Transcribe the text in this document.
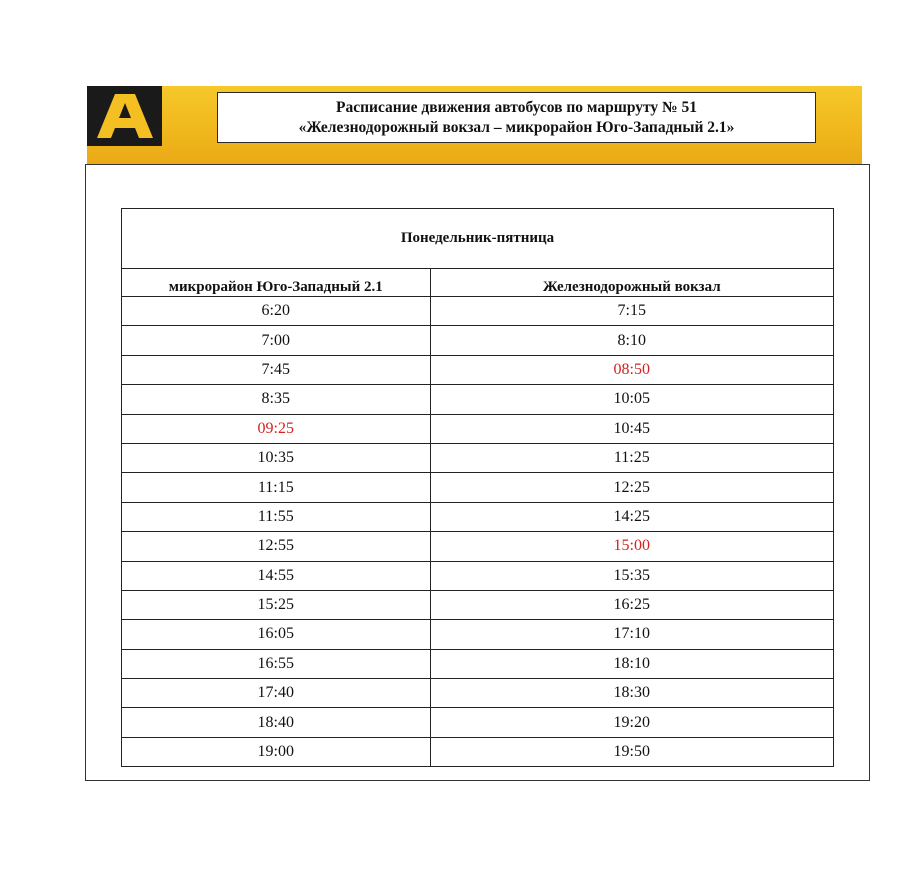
Расписание движения автобусов по маршруту № 51
«Железнодорожный вокзал – микрорайон Юго-Западный 2.1»
Понедельник-пятница	
микрорайон Юго-Западный 2.1	Железнодорожный вокзал
6:20	7:15
7:00	8:10
7:45	08:50
8:35	10:05
09:25	10:45
10:35	11:25
11:15	12:25
11:55	14:25
12:55	15:00
14:55	15:35
15:25	16:25
16:05	17:10
16:55	18:10
17:40	18:30
18:40	19:20
19:00	19:50
